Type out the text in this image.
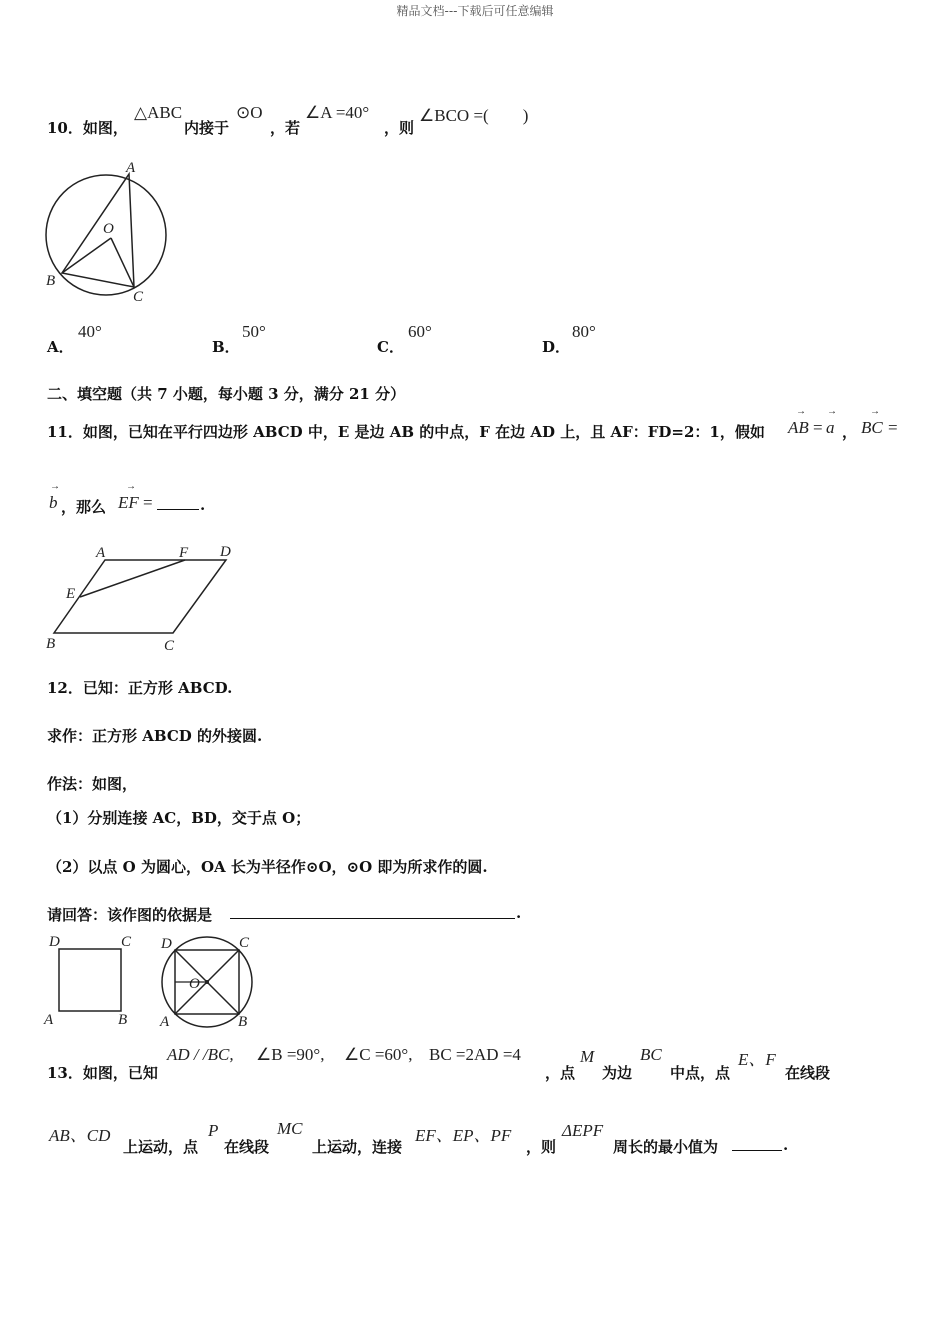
精品文档---下载后可任意编辑
10．如图，
△ABC
内接于
⊙O
，若
∠A =40°
，则
∠BCO =(　　)
A
O
B
C
A．
40°
B．
50°
C．
60°
D．
80°
二、填空题（共 7 小题，每小题 3 分，满分 21 分）
11．如图，已知在平行四边形 ABCD 中，E 是边 AB 的中点，F 在边 AD 上，且 AF：FD=2：1，假如
→
AB =
→
a ，
→
BC =
→
b ，那么
→
EF =	.
A	F D
E
B	C
12．已知：正方形 ABCD.
求作：正方形 ABCD 的外接圆.
作法：如图，
（1）分别连接 AC，BD，交于点 O；
（2）以点 O 为圆心，OA 长为半径作⊙O，⊙O 即为所求作的圆.
请回答：该作图的依据是	.
D	C
A	B
D	C
O
A	B
13．如图，已知
AD / /BC, ∠B =90°, ∠C =60°, BC =2AD =4
，点
M
为边
BC
中点，点
E、F
在线段
AB、CD
上运动，点
P
在线段
MC
上运动，连接
EF、EP、PF
，则
ΔEPF
周长的最小值为	.
